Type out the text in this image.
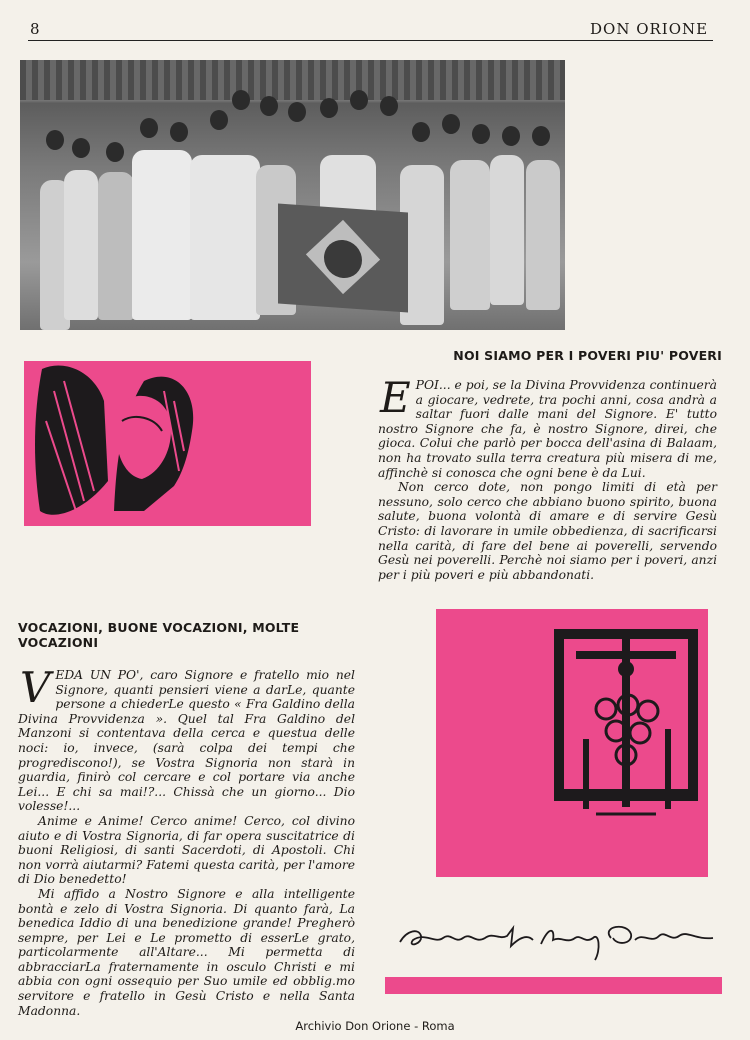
8	DON ORIONE
NOI SIAMO PER I POVERI PIU' POVERI

E POI... e poi, se la Divina Provvidenza continuerà a giocare, vedrete, tra pochi anni, cosa andrà a saltar fuori dalle mani del Signore. E' tutto nostro Signore che fa, è nostro Signore, direi, che gioca. Colui che parlò per bocca dell'asina di Balaam, non ha trovato sulla terra creatura più misera di me, affinchè si conosca che ogni bene è da Lui.

Non cerco dote, non pongo limiti di età per nessuno, solo cerco che abbiano buono spirito, buona salute, buona volontà di amare e di servire Gesù Cristo: di lavorare in umile obbedienza, di sacrificarsi nella carità, di fare del bene ai poverelli, servendo Gesù nei poverelli. Perchè noi siamo per i poveri, anzi per i più poveri e più abbandonati.

VOCAZIONI, BUONE VOCAZIONI, MOLTE VOCAZIONI

V EDA UN PO', caro Signore e fratello mio nel Signore, quanti pensieri viene a darLe, quante persone a chiederLe questo « Fra Galdino della Divina Provvidenza ». Quel tal Fra Galdino del Manzoni si contentava della cerca e questua delle noci: io, invece, (sarà colpa dei tempi che progrediscono!), se Vostra Signoria non starà in guardia, finirò col cercare e col portare via anche Lei... E chi sa mai!?... Chissà che un giorno... Dio volesse!...

Anime e Anime! Cerco anime! Cerco, col divino aiuto e di Vostra Signoria, di far opera suscitatrice di buoni Religiosi, di santi Sacerdoti, di Apostoli. Chi non vorrà aiutarmi? Fatemi questa carità, per l'amore di Dio benedetto!

Mi affido a Nostro Signore e alla intelligente bontà e zelo di Vostra Signoria. Di quanto farà, La benedica Iddio di una benedizione grande! Pregherò sempre, per Lei e Le prometto di esserLe grato, particolarmente all'Altare... Mi permetta di abbracciarLa fraternamente in osculo Christi e mi abbia con ogni ossequio per Suo umile ed obblig.mo servitore e fratello in Gesù Cristo e nella Santa Madonna.

Archivio Don Orione - Roma
